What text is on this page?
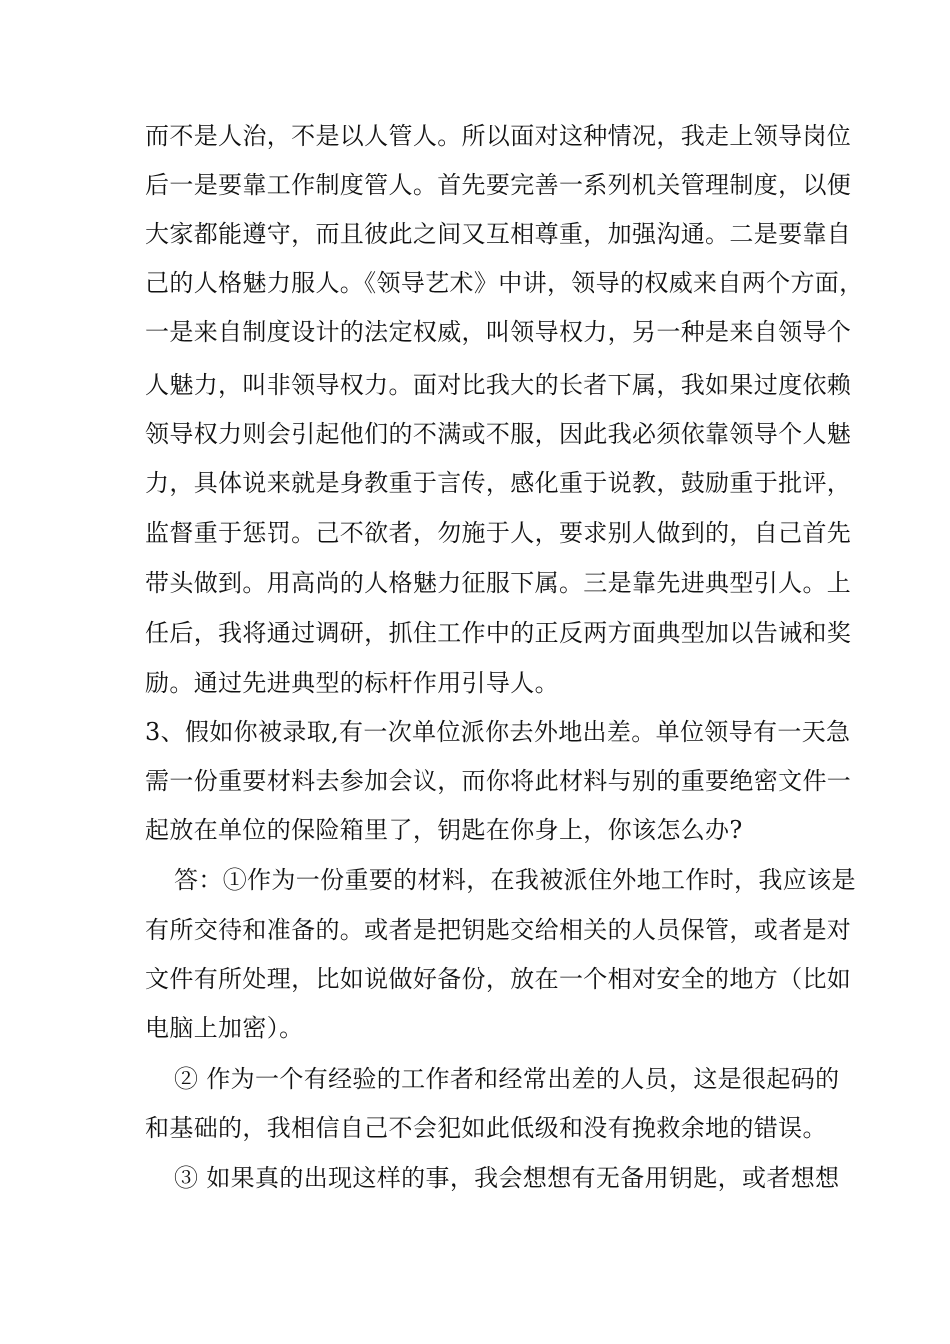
而不是人治，不是以人管人。所以面对这种情况，我走上领导岗位
后一是要靠工作制度管人。首先要完善一系列机关管理制度，以便
大家都能遵守，而且彼此之间又互相尊重，加强沟通。二是要靠自
己的人格魅力服人。《领导艺术》中讲，领导的权威来自两个方面，
一是来自制度设计的法定权威，叫领导权力，另一种是来自领导个
人魅力，叫非领导权力。面对比我大的长者下属，我如果过度依赖
领导权力则会引起他们的不满或不服，因此我必须依靠领导个人魅
力，具体说来就是身教重于言传，感化重于说教，鼓励重于批评，
监督重于惩罚。己不欲者，勿施于人，要求别人做到的，自己首先
带头做到。用高尚的人格魅力征服下属。三是靠先进典型引人。上
任后，我将通过调研，抓住工作中的正反两方面典型加以告诫和奖
励。通过先进典型的标杆作用引导人。
3、假如你被录取,有一次单位派你去外地出差。单位领导有一天急
需一份重要材料去参加会议，而你将此材料与别的重要绝密文件一
起放在单位的保险箱里了，钥匙在你身上，你该怎么办?
答：①作为一份重要的材料，在我被派住外地工作时，我应该是
有所交待和准备的。或者是把钥匙交给相关的人员保管，或者是对
文件有所处理，比如说做好备份，放在一个相对安全的地方（比如
电脑上加密）。
② 作为一个有经验的工作者和经常出差的人员，这是很起码的
和基础的，我相信自己不会犯如此低级和没有挽救余地的错误。
③ 如果真的出现这样的事，我会想想有无备用钥匙，或者想想
